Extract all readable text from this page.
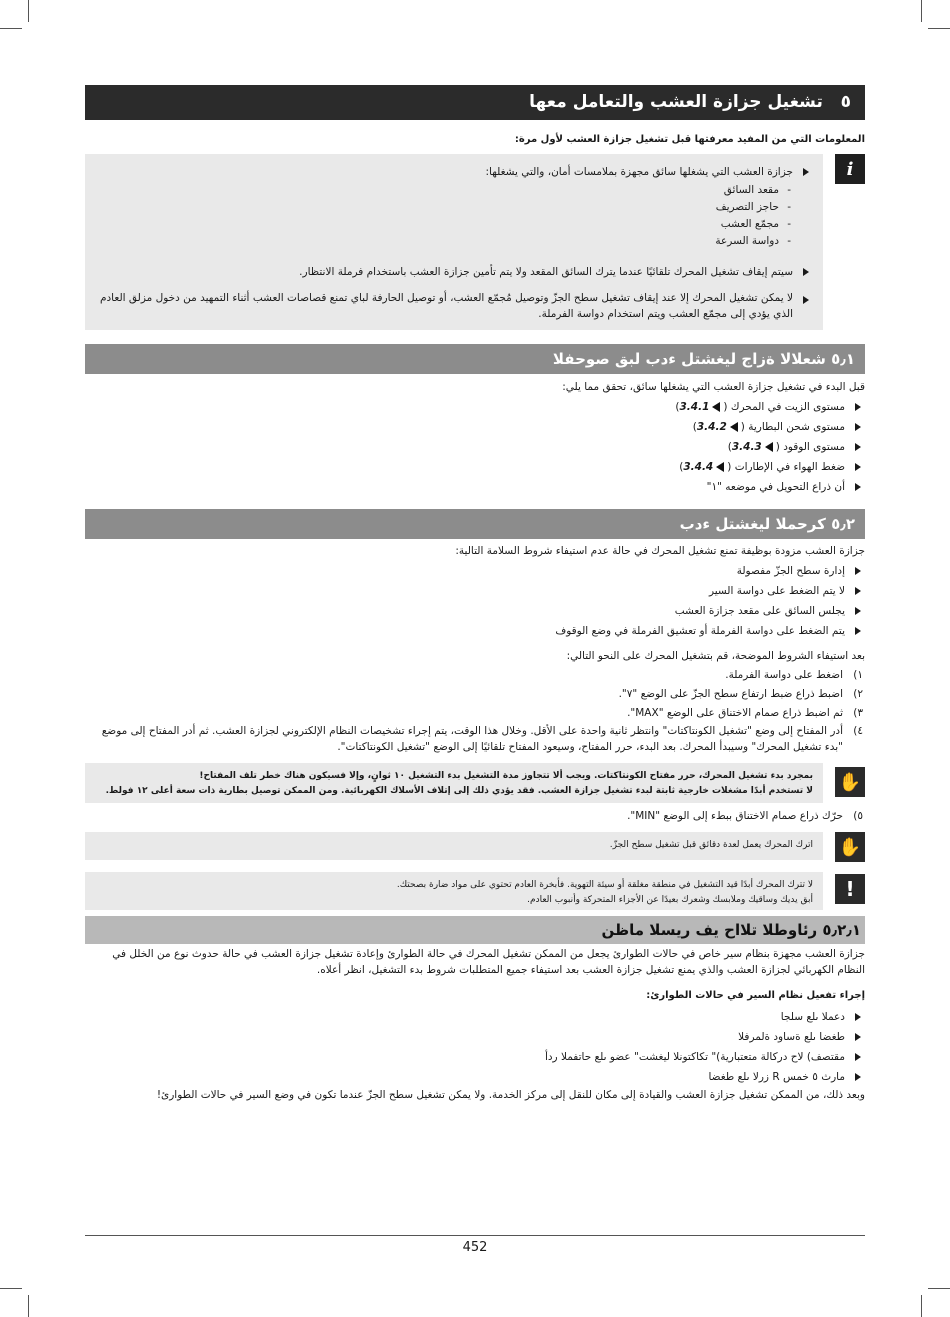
٥   تشغيل جزازة العشب والتعامل معها
المعلومات التي من المفيد معرفتها قبل تشغيل جزازة العشب لأول مرة:
i
جزازة العشب التي يشغلها سائق مجهزة بملامسات أمان، والتي يشغلها:
- مقعد السائق
- حاجز التصريف
- مجمّع العشب
- دواسة السرعة
سيتم إيقاف تشغيل المحرك تلقائيًا عندما يترك السائق المقعد ولا يتم تأمين جزازة العشب باستخدام فرملة الانتظار.
لا يمكن تشغيل المحرك إلا عند إيقاف تشغيل سطح الجزّ وتوصيل مُجمّع العشب، أو توصيل الحارفة لباي تمنع قصاصات العشب أثناء التمهيد من دخول مزلق العادم الذي يؤدي إلى مجمّع العشب ويتم استخدام دواسة الفرملة.
٥٫١ شعلالا ةزاج ليغشتل ءدب لبق صوحفلا
قبل البدء في تشغيل جزازة العشب التي يشغلها سائق، تحقق مما يلي:
مستوى الزيت في المحرك (3.4.1)
مستوى شحن البطارية (3.4.2)
مستوى الوقود (3.4.3)
ضغط الهواء في الإطارات (3.4.4)
أن ذراع التحويل في موضعه "١"
٥٫٢ كرحملا ليغشتل ءدب
جزازة العشب مزودة بوظيفة تمنع تشغيل المحرك في حالة عدم استيفاء شروط السلامة التالية:
إدارة سطح الجزّ مفصولة
لا يتم الضغط على دواسة السير
يجلس السائق على مقعد جزازة العشب
يتم الضغط على دواسة الفرملة أو تعشيق الفرملة في وضع الوقوف
بعد استيفاء الشروط الموضحة، قم بتشغيل المحرك على النحو التالي:
١)
اضغط على دواسة الفرملة.
٢)
اضبط ذراع ضبط ارتفاع سطح الجزّ على الوضع "٧".
٣)
ثم اضبط ذراع صمام الاختناق على الوضع "MAX".
٤)
أدر المفتاح إلى وضع "تشغيل الكونتاكتات" وانتظر ثانية واحدة على الأقل. وخلال هذا الوقت، يتم إجراء تشخيصات النظام الإلكتروني لجزازة العشب. ثم أدر المفتاح إلى موضع "بدء تشغيل المحرك" وسيبدأ المحرك. بعد البدء، حرر المفتاح، وسيعود المفتاح تلقائيًا إلى الوضع "تشغيل الكونتاكتات".
✋
بمجرد بدء تشغيل المحرك، حرر مفتاح الكونتاكتات. ويجب ألا تتجاوز مدة التشغيل بدء التشغيل ١٠ ثوانٍ، وإلا فسيكون هناك خطر تلف المفتاح!
لا تستخدم أبدًا مشغلات خارجية ثابتة لبدء تشغيل جزازة العشب. فقد يؤدي ذلك إلى إتلاف الأسلاك الكهربائية. ومن الممكن توصيل بطارية ذات سعة أعلى ١٢ فولط.
٥)
حرّك ذراع صمام الاختناق ببطء إلى الوضع "MIN".
✋
اترك المحرك يعمل لعدة دقائق قبل تشغيل سطح الجزّ.
!
لا تترك المحرك أبدًا قيد التشغيل في منطقة مغلقة أو سيئة التهوية. فأبخرة العادم تحتوي على مواد ضارة بصحتك.
أبق يديك وساقيك وملابسك وشعرك بعيدًا عن الأجزاء المتحركة وأنبوب العادم.
٥٫٢٫١ رئاوطلا تلااح يف ريسلا ماظن
جزازة العشب مجهزة بنظام سير خاص في حالات الطوارئ يجعل من الممكن تشغيل المحرك في حالة الطوارئ وإعادة تشغيل جزازة العشب في حالة حدوث نوع من الخلل في النظام الكهربائي لجزازة العشب والذي يمنع تشغيل جزازة العشب بعد استيفاء جميع المتطلبات شروط بدء التشغيل، انظر أعلاه.
إجراء تفعيل نظام السير في حالات الطوارئ:
دعملا ىلع سلجا
طغضا ىلع ةساود ةلمرفلا
مقتصف) لاح دركالة متعتبارية)" تكاكتونلا ليغشت" عضو ىلع حاتفملا ردأ
مارث ٥ خمس R زرلا ىلع طغضا
وبعد ذلك، من الممكن تشغيل جزازة العشب والقيادة إلى مكان للنقل إلى مركز الخدمة. ولا يمكن تشغيل سطح الجزّ عندما تكون في وضع السير في حالات الطوارئ!
452
